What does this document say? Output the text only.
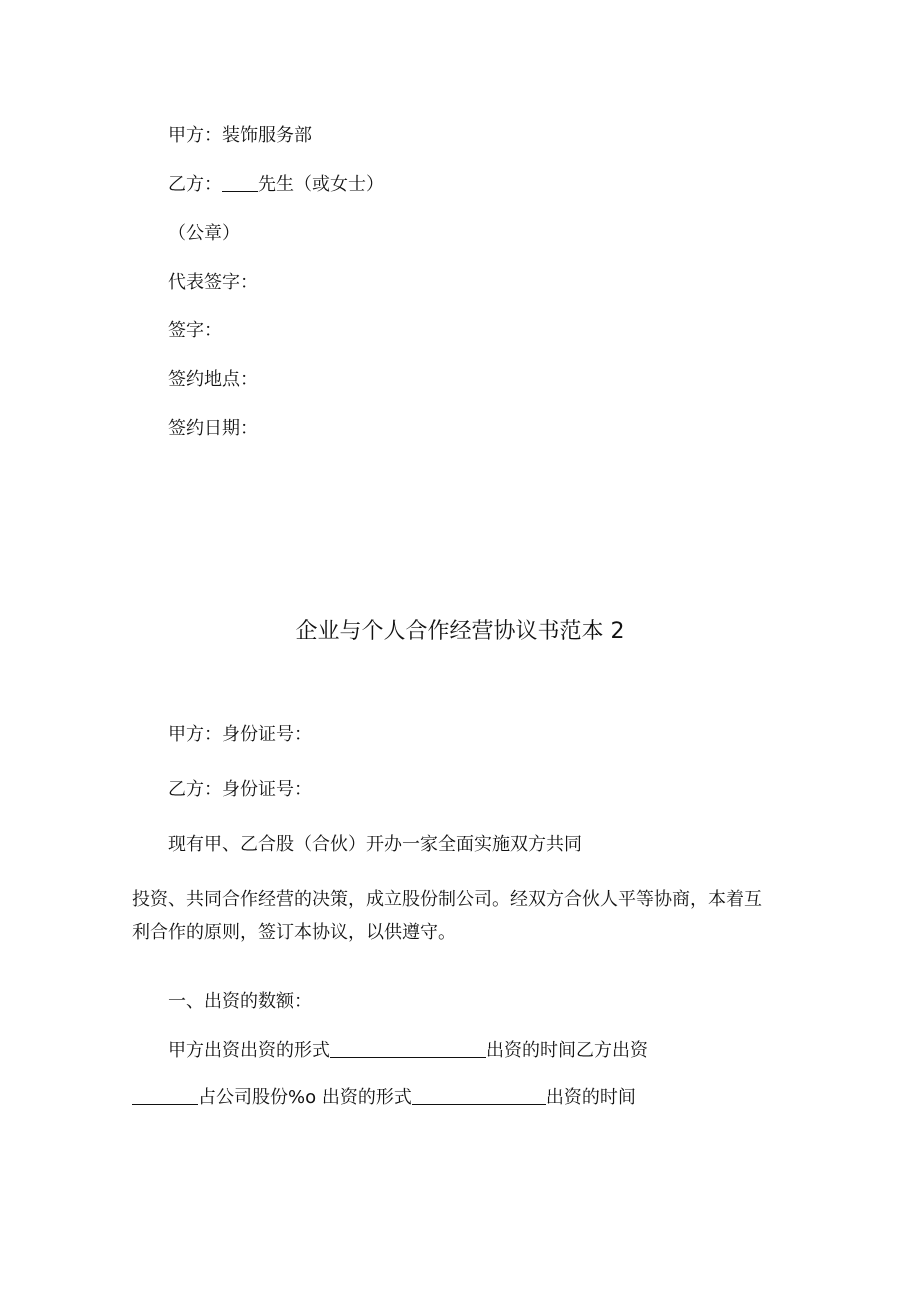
甲方：装饰服务部
乙方： 先生（或女士）
（公章）
代表签字：
签字：
签约地点：
签约日期：
企业与个人合作经营协议书范本 2
甲方：身份证号：
乙方：身份证号：
现有甲、乙合股（合伙）开办一家全面实施双方共同
投资、共同合作经营的决策，成立股份制公司。经双方合伙人平等协商，本着互
利合作的原则，签订本协议，以供遵守。
一、出资的数额：
甲方出资出资的形式	出资的时间乙方出资
占公司股份%o 出资的形式	出资的时间
